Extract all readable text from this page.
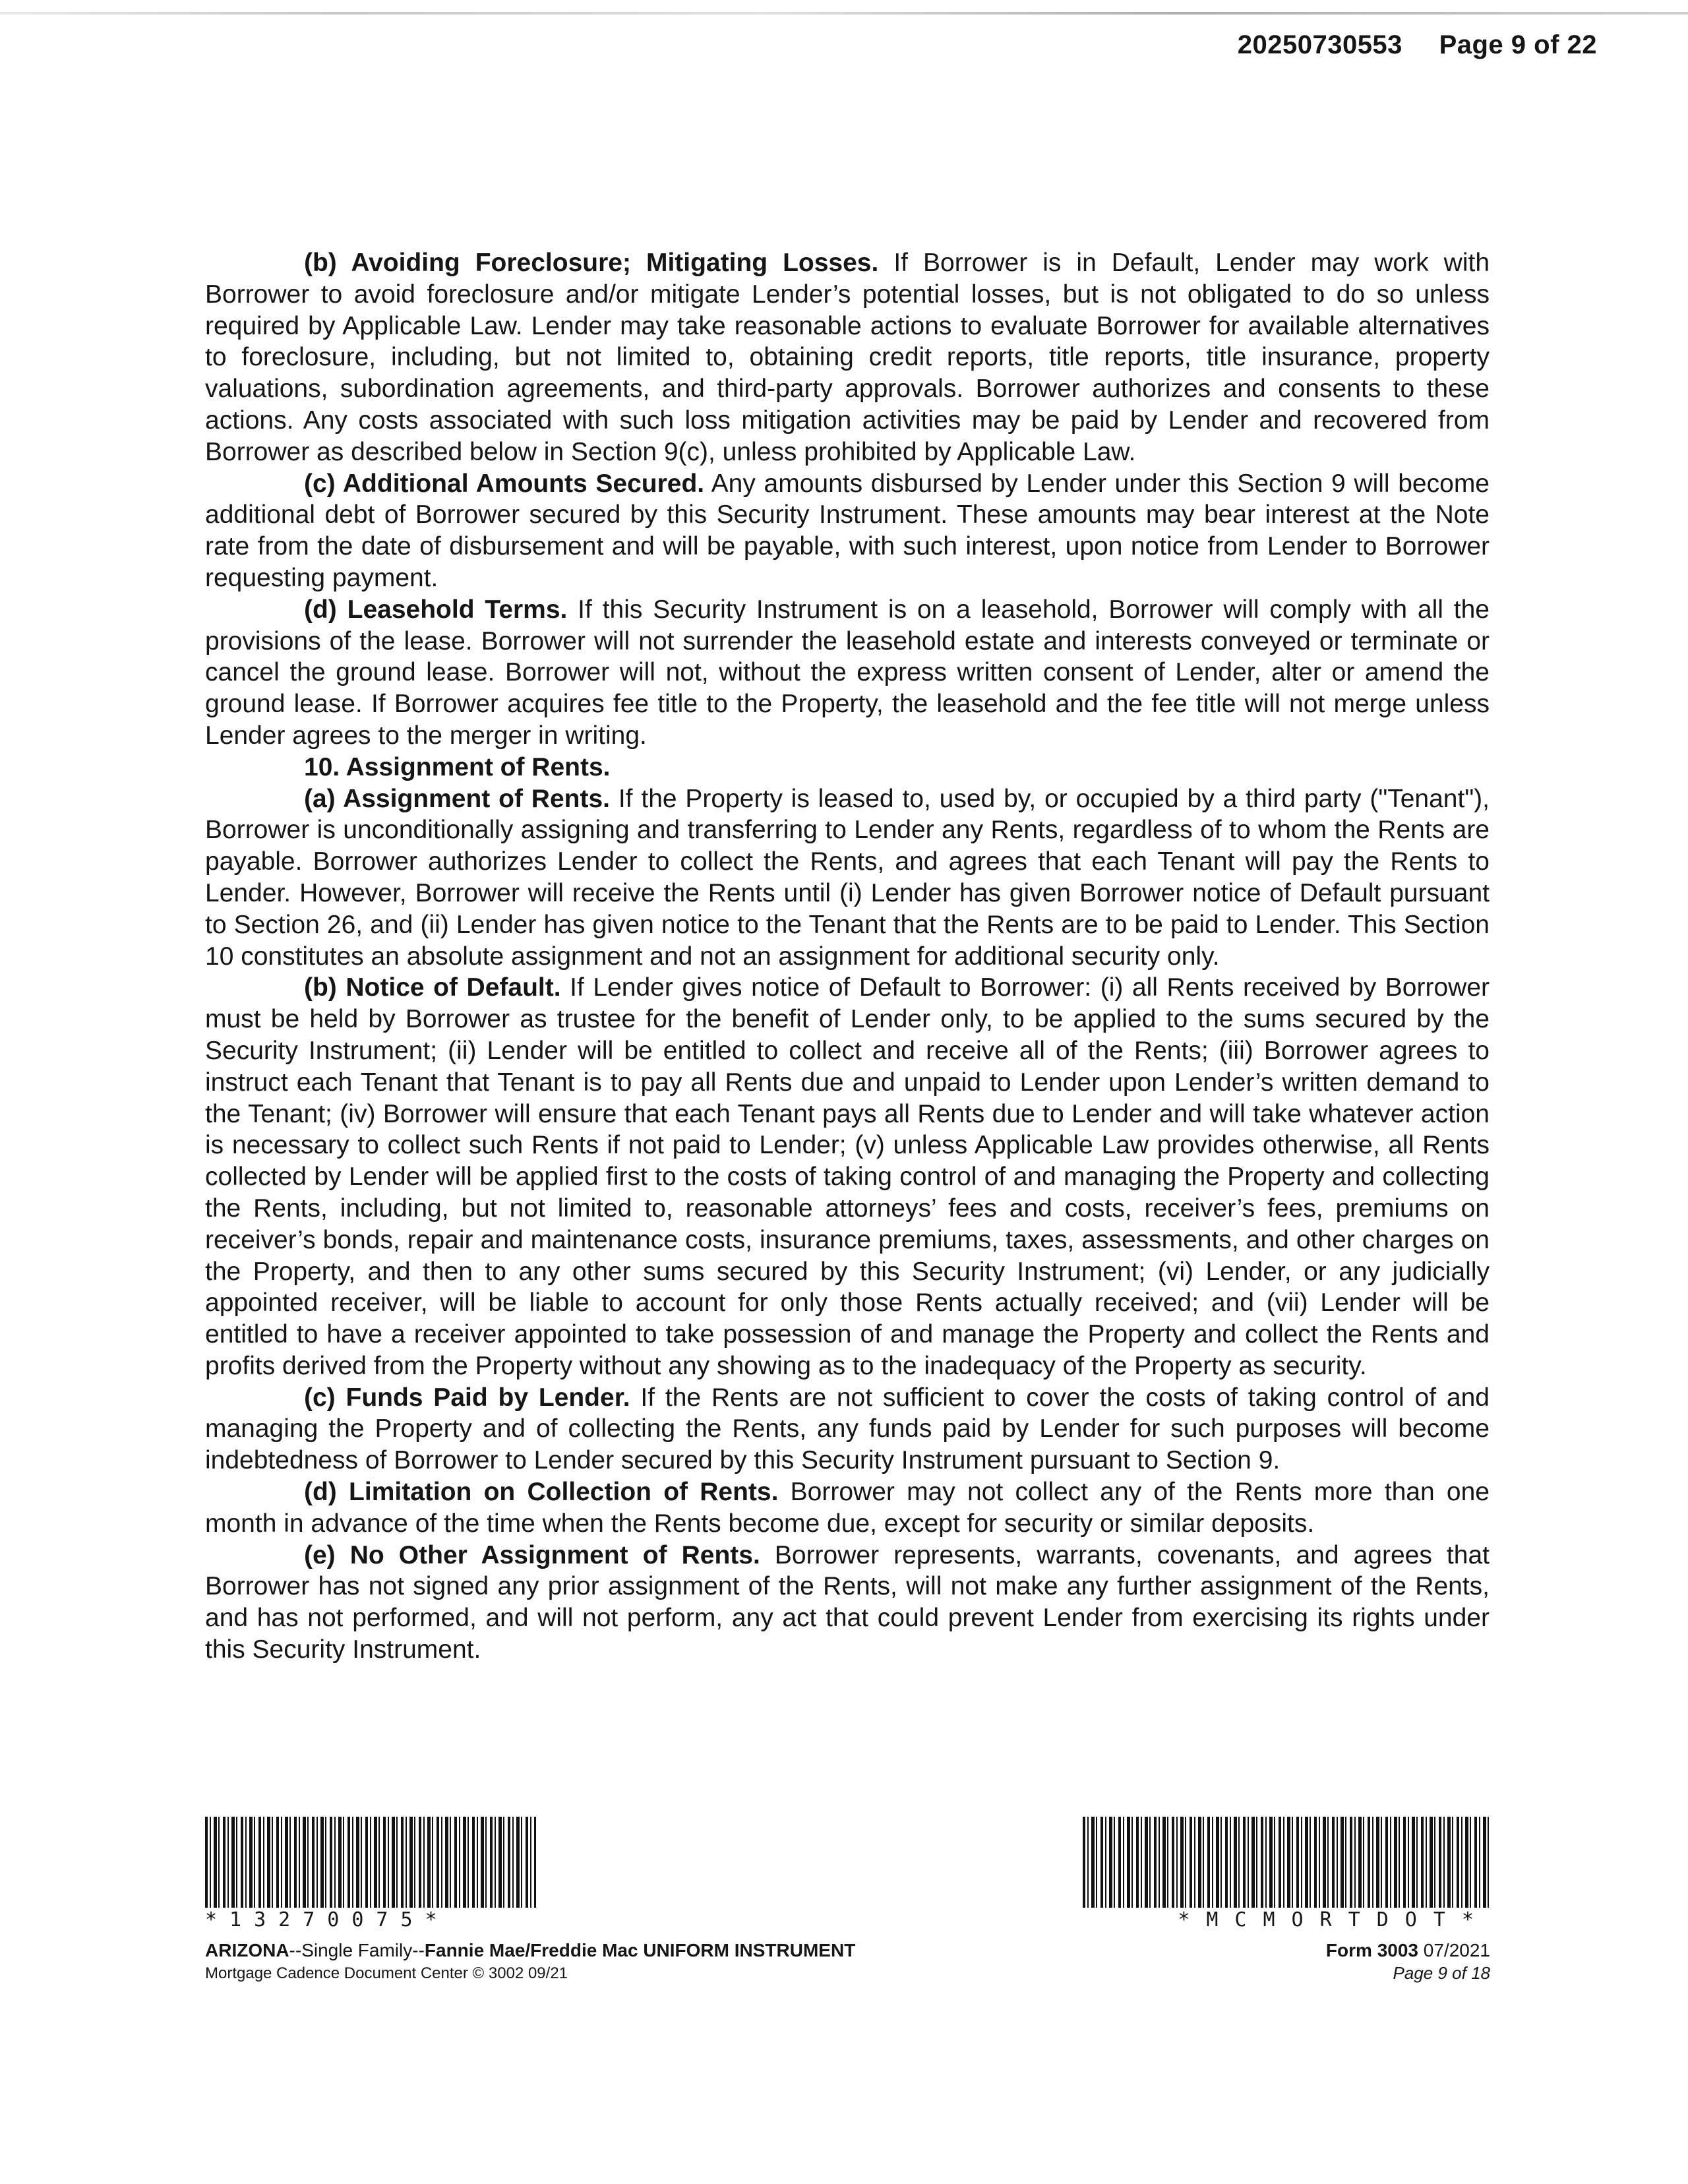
20250730553 Page 9 of 22

(b) Avoiding Foreclosure; Mitigating Losses. If Borrower is in Default, Lender may work with Borrower to avoid foreclosure and/or mitigate Lender’s potential losses, but is not obligated to do so unless required by Applicable Law. Lender may take reasonable actions to evaluate Borrower for available alternatives to foreclosure, including, but not limited to, obtaining credit reports, title reports, title insurance, property valuations, subordination agreements, and third-party approvals. Borrower authorizes and consents to these actions. Any costs associated with such loss mitigation activities may be paid by Lender and recovered from Borrower as described below in Section 9(c), unless prohibited by Applicable Law.

(c) Additional Amounts Secured. Any amounts disbursed by Lender under this Section 9 will become additional debt of Borrower secured by this Security Instrument. These amounts may bear interest at the Note rate from the date of disbursement and will be payable, with such interest, upon notice from Lender to Borrower requesting payment.

(d) Leasehold Terms. If this Security Instrument is on a leasehold, Borrower will comply with all the provisions of the lease. Borrower will not surrender the leasehold estate and interests conveyed or terminate or cancel the ground lease. Borrower will not, without the express written consent of Lender, alter or amend the ground lease. If Borrower acquires fee title to the Property, the leasehold and the fee title will not merge unless Lender agrees to the merger in writing.

10. Assignment of Rents.

(a) Assignment of Rents. If the Property is leased to, used by, or occupied by a third party ("Tenant"), Borrower is unconditionally assigning and transferring to Lender any Rents, regardless of to whom the Rents are payable. Borrower authorizes Lender to collect the Rents, and agrees that each Tenant will pay the Rents to Lender. However, Borrower will receive the Rents until (i) Lender has given Borrower notice of Default pursuant to Section 26, and (ii) Lender has given notice to the Tenant that the Rents are to be paid to Lender. This Section 10 constitutes an absolute assignment and not an assignment for additional security only.

(b) Notice of Default. If Lender gives notice of Default to Borrower: (i) all Rents received by Borrower must be held by Borrower as trustee for the benefit of Lender only, to be applied to the sums secured by the Security Instrument; (ii) Lender will be entitled to collect and receive all of the Rents; (iii) Borrower agrees to instruct each Tenant that Tenant is to pay all Rents due and unpaid to Lender upon Lender’s written demand to the Tenant; (iv) Borrower will ensure that each Tenant pays all Rents due to Lender and will take whatever action is necessary to collect such Rents if not paid to Lender; (v) unless Applicable Law provides otherwise, all Rents collected by Lender will be applied first to the costs of taking control of and managing the Property and collecting the Rents, including, but not limited to, reasonable attorneys’ fees and costs, receiver’s fees, premiums on receiver’s bonds, repair and maintenance costs, insurance premiums, taxes, assessments, and other charges on the Property, and then to any other sums secured by this Security Instrument; (vi) Lender, or any judicially appointed receiver, will be liable to account for only those Rents actually received; and (vii) Lender will be entitled to have a receiver appointed to take possession of and manage the Property and collect the Rents and profits derived from the Property without any showing as to the inadequacy of the Property as security.

(c) Funds Paid by Lender. If the Rents are not sufficient to cover the costs of taking control of and managing the Property and of collecting the Rents, any funds paid by Lender for such purposes will become indebtedness of Borrower to Lender secured by this Security Instrument pursuant to Section 9.

(d) Limitation on Collection of Rents. Borrower may not collect any of the Rents more than one month in advance of the time when the Rents become due, except for security or similar deposits.

(e) No Other Assignment of Rents. Borrower represents, warrants, covenants, and agrees that Borrower has not signed any prior assignment of the Rents, will not make any further assignment of the Rents, and has not performed, and will not perform, any act that could prevent Lender from exercising its rights under this Security Instrument.

*13270075*	*MCMORTDOT*
ARIZONA--Single Family--Fannie Mae/Freddie Mac UNIFORM INSTRUMENT
Mortgage Cadence Document Center © 3002 09/21
Form 3003 07/2021
Page 9 of 18
